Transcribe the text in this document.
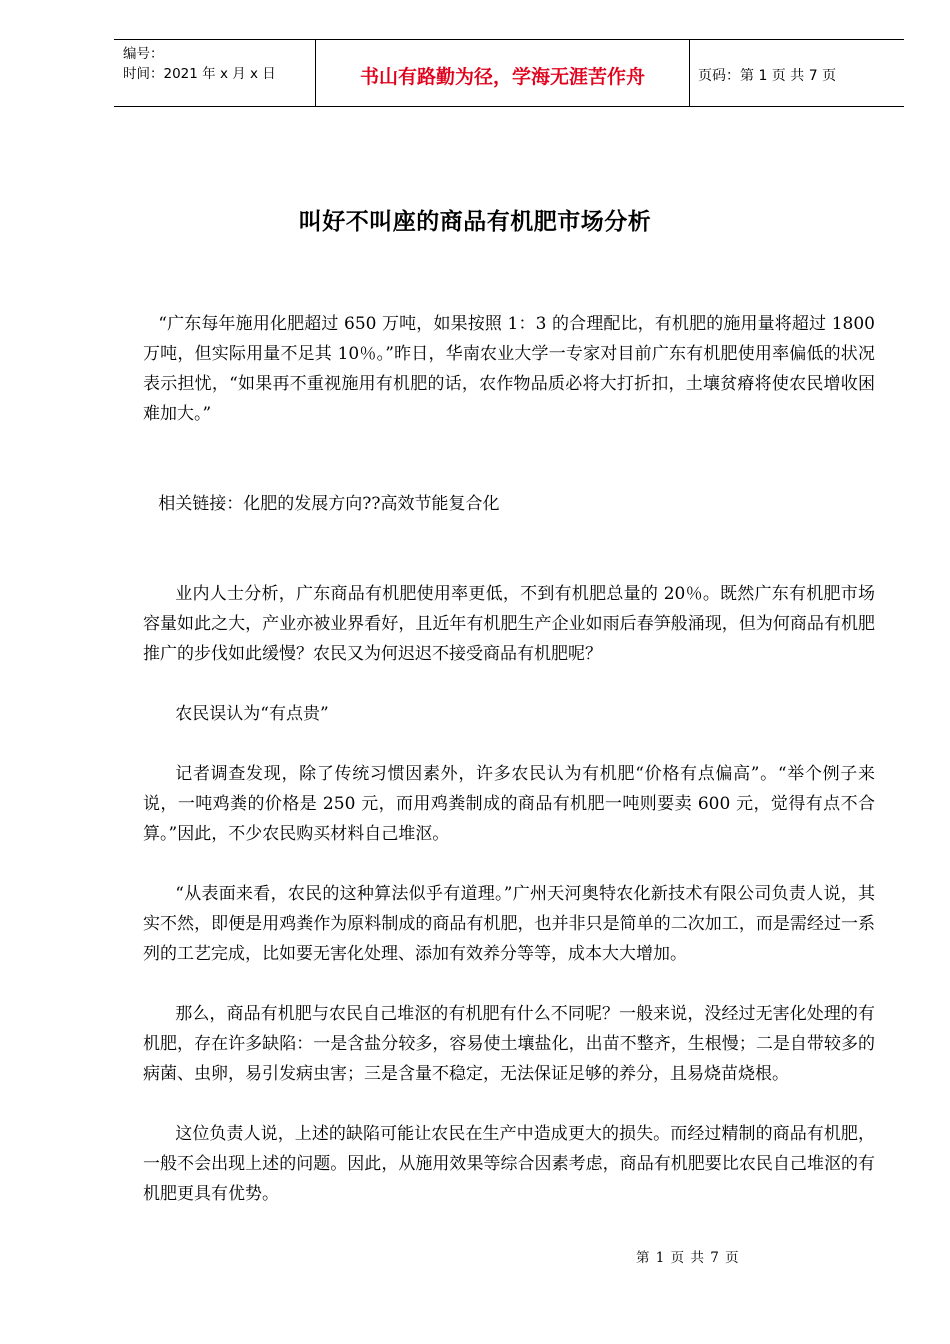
编号：
时间：2021 年 x 月 x 日	书山有路勤为径，学海无涯苦作舟	页码：第 1 页 共 7 页
叫好不叫座的商品有机肥市场分析

“广东每年施用化肥超过 650 万吨，如果按照 1：3 的合理配比，有机肥的施用量将超过 1800 万吨，但实际用量不足其 10％。”昨日，华南农业大学一专家对目前广东有机肥使用率偏低的状况表示担忧，“如果再不重视施用有机肥的话，农作物品质必将大打折扣，土壤贫瘠将使农民增收困难加大。”

相关链接：化肥的发展方向??高效节能复合化

业内人士分析，广东商品有机肥使用率更低，不到有机肥总量的 20％。既然广东有机肥市场容量如此之大，产业亦被业界看好，且近年有机肥生产企业如雨后春笋般涌现，但为何商品有机肥推广的步伐如此缓慢？农民又为何迟迟不接受商品有机肥呢？

农民误认为“有点贵”

记者调查发现，除了传统习惯因素外，许多农民认为有机肥“价格有点偏高”。“举个例子来说，一吨鸡粪的价格是 250 元，而用鸡粪制成的商品有机肥一吨则要卖 600 元，觉得有点不合算。”因此，不少农民购买材料自己堆沤。

“从表面来看，农民的这种算法似乎有道理。”广州天河奥特农化新技术有限公司负责人说，其实不然，即便是用鸡粪作为原料制成的商品有机肥，也并非只是简单的二次加工，而是需经过一系列的工艺完成，比如要无害化处理、添加有效养分等等，成本大大增加。

那么，商品有机肥与农民自己堆沤的有机肥有什么不同呢？一般来说，没经过无害化处理的有机肥，存在许多缺陷：一是含盐分较多，容易使土壤盐化，出苗不整齐，生根慢；二是自带较多的病菌、虫卵，易引发病虫害；三是含量不稳定，无法保证足够的养分，且易烧苗烧根。

这位负责人说，上述的缺陷可能让农民在生产中造成更大的损失。而经过精制的商品有机肥，一般不会出现上述的问题。因此，从施用效果等综合因素考虑，商品有机肥要比农民自己堆沤的有机肥更具有优势。

第 1 页 共 7 页
